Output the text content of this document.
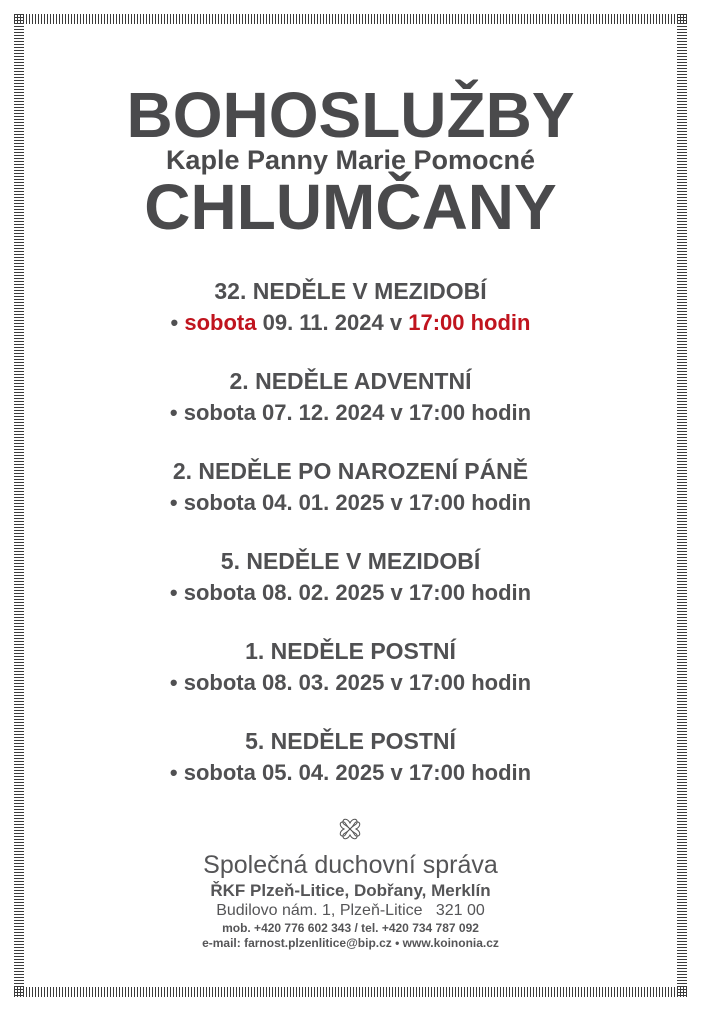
BOHOSLUŽBY
Kaple Panny Marie Pomocné
CHLUMČANY
32. NEDĚLE V MEZIDOBÍ
• sobota 09. 11. 2024 v 17:00 hodin
2. NEDĚLE ADVENTNÍ
• sobota 07. 12. 2024 v 17:00 hodin
2. NEDĚLE PO NAROZENÍ PÁNĚ
• sobota 04. 01. 2025 v 17:00 hodin
5. NEDĚLE V MEZIDOBÍ
• sobota 08. 02. 2025 v 17:00 hodin
1. NEDĚLE POSTNÍ
• sobota 08. 03. 2025 v 17:00 hodin
5. NEDĚLE POSTNÍ
• sobota 05. 04. 2025 v 17:00 hodin
Společná duchovní správa
ŘKF Plzeň-Litice, Dobřany, Merklín
Budilovo nám. 1, Plzeň-Litice   321 00
mob. +420 776 602 343 / tel. +420 734 787 092
e-mail: farnost.plzenlitice@bip.cz • www.koinonia.cz
